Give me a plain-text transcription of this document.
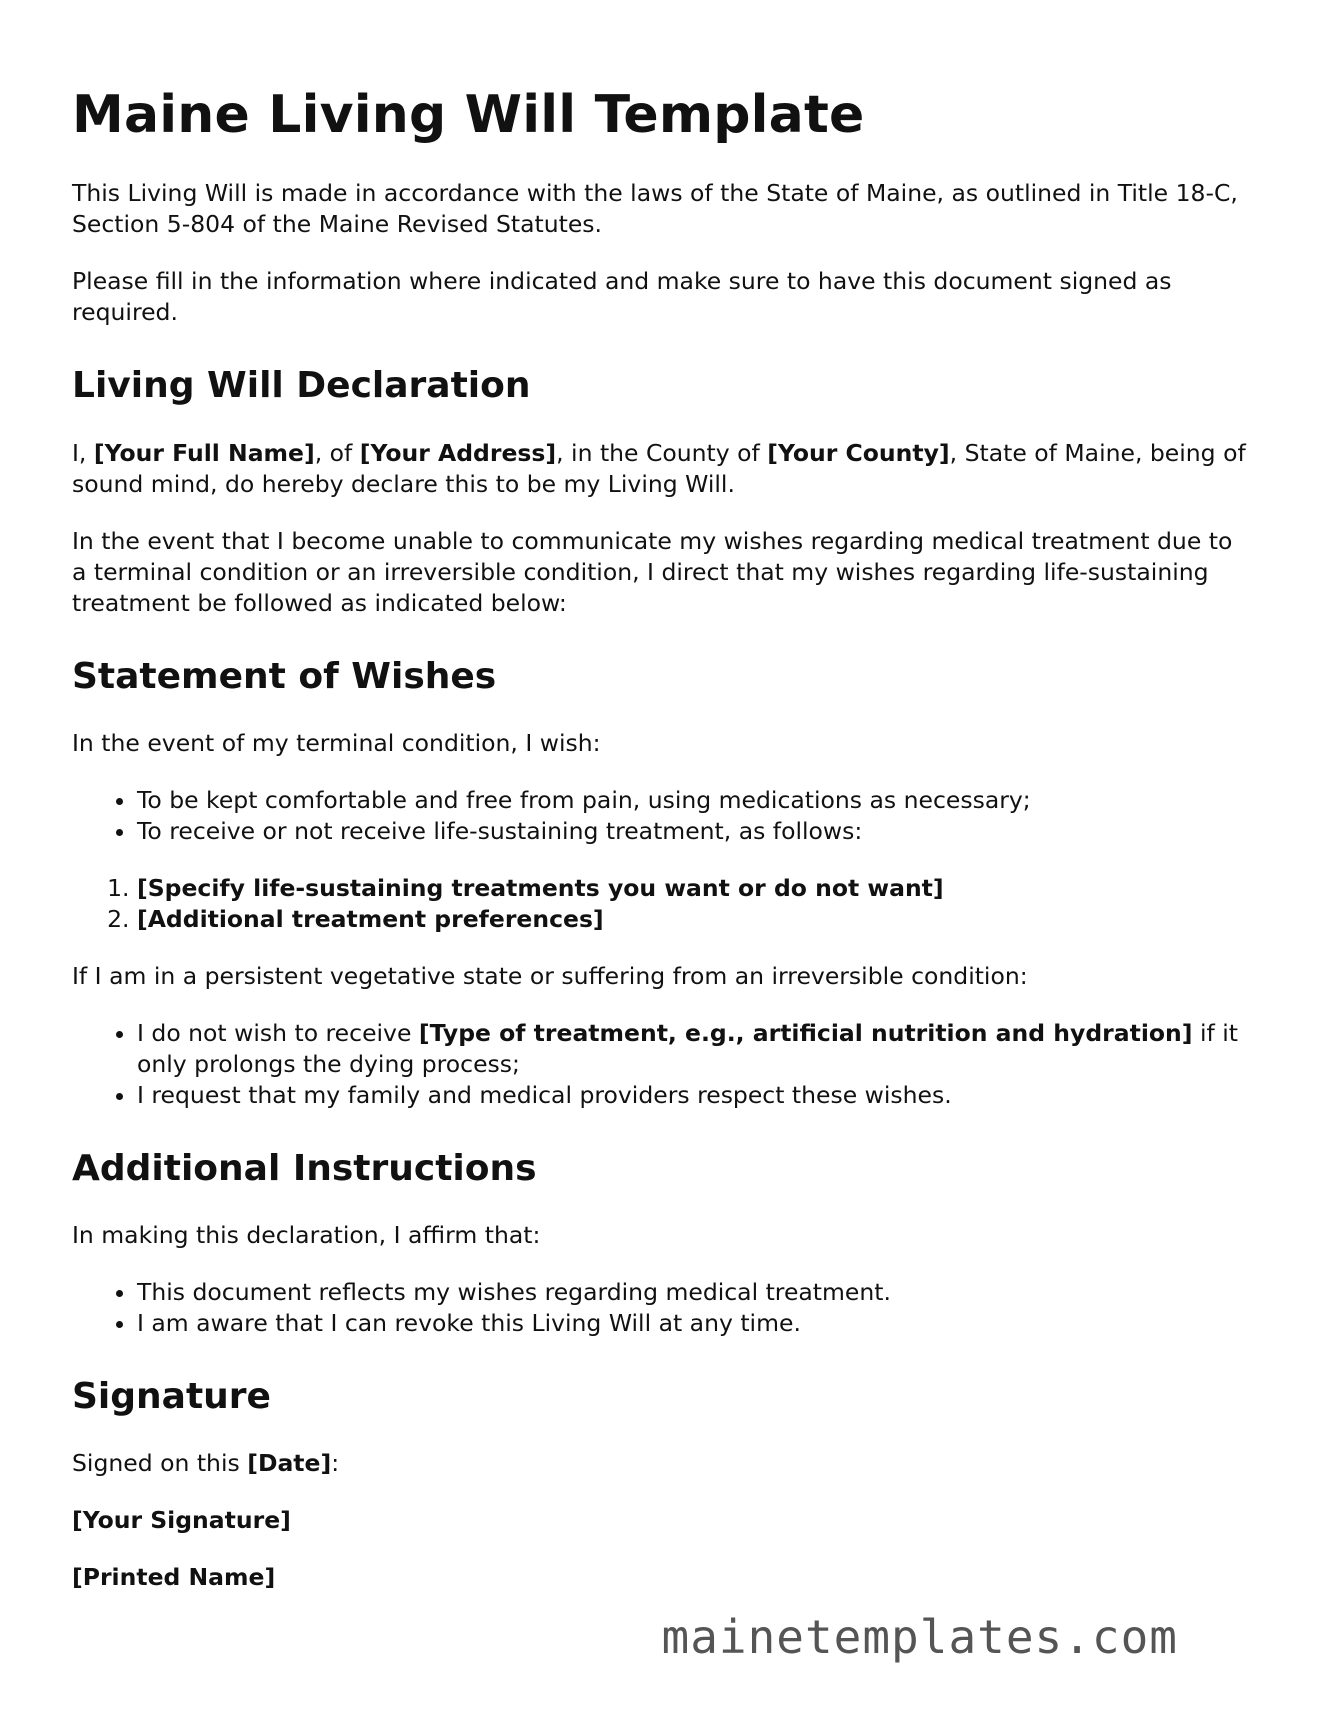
Maine Living Will Template

This Living Will is made in accordance with the laws of the State of Maine, as outlined in Title 18-C, Section 5-804 of the Maine Revised Statutes.

Please fill in the information where indicated and make sure to have this document signed as required.

Living Will Declaration

I, [Your Full Name], of [Your Address], in the County of [Your County], State of Maine, being of sound mind, do hereby declare this to be my Living Will.

In the event that I become unable to communicate my wishes regarding medical treatment due to a terminal condition or an irreversible condition, I direct that my wishes regarding life-sustaining treatment be followed as indicated below:

Statement of Wishes

In the event of my terminal condition, I wish:

• To be kept comfortable and free from pain, using medications as necessary;
• To receive or not receive life-sustaining treatment, as follows:
1. [Specify life-sustaining treatments you want or do not want]
2. [Additional treatment preferences]

If I am in a persistent vegetative state or suffering from an irreversible condition:

• I do not wish to receive [Type of treatment, e.g., artificial nutrition and hydration] if it only prolongs the dying process;
• I request that my family and medical providers respect these wishes.
Additional Instructions

In making this declaration, I affirm that:

• This document reflects my wishes regarding medical treatment.
• I am aware that I can revoke this Living Will at any time.
Signature

Signed on this [Date]:

[Your Signature]

[Printed Name]

mainetemplates.com
